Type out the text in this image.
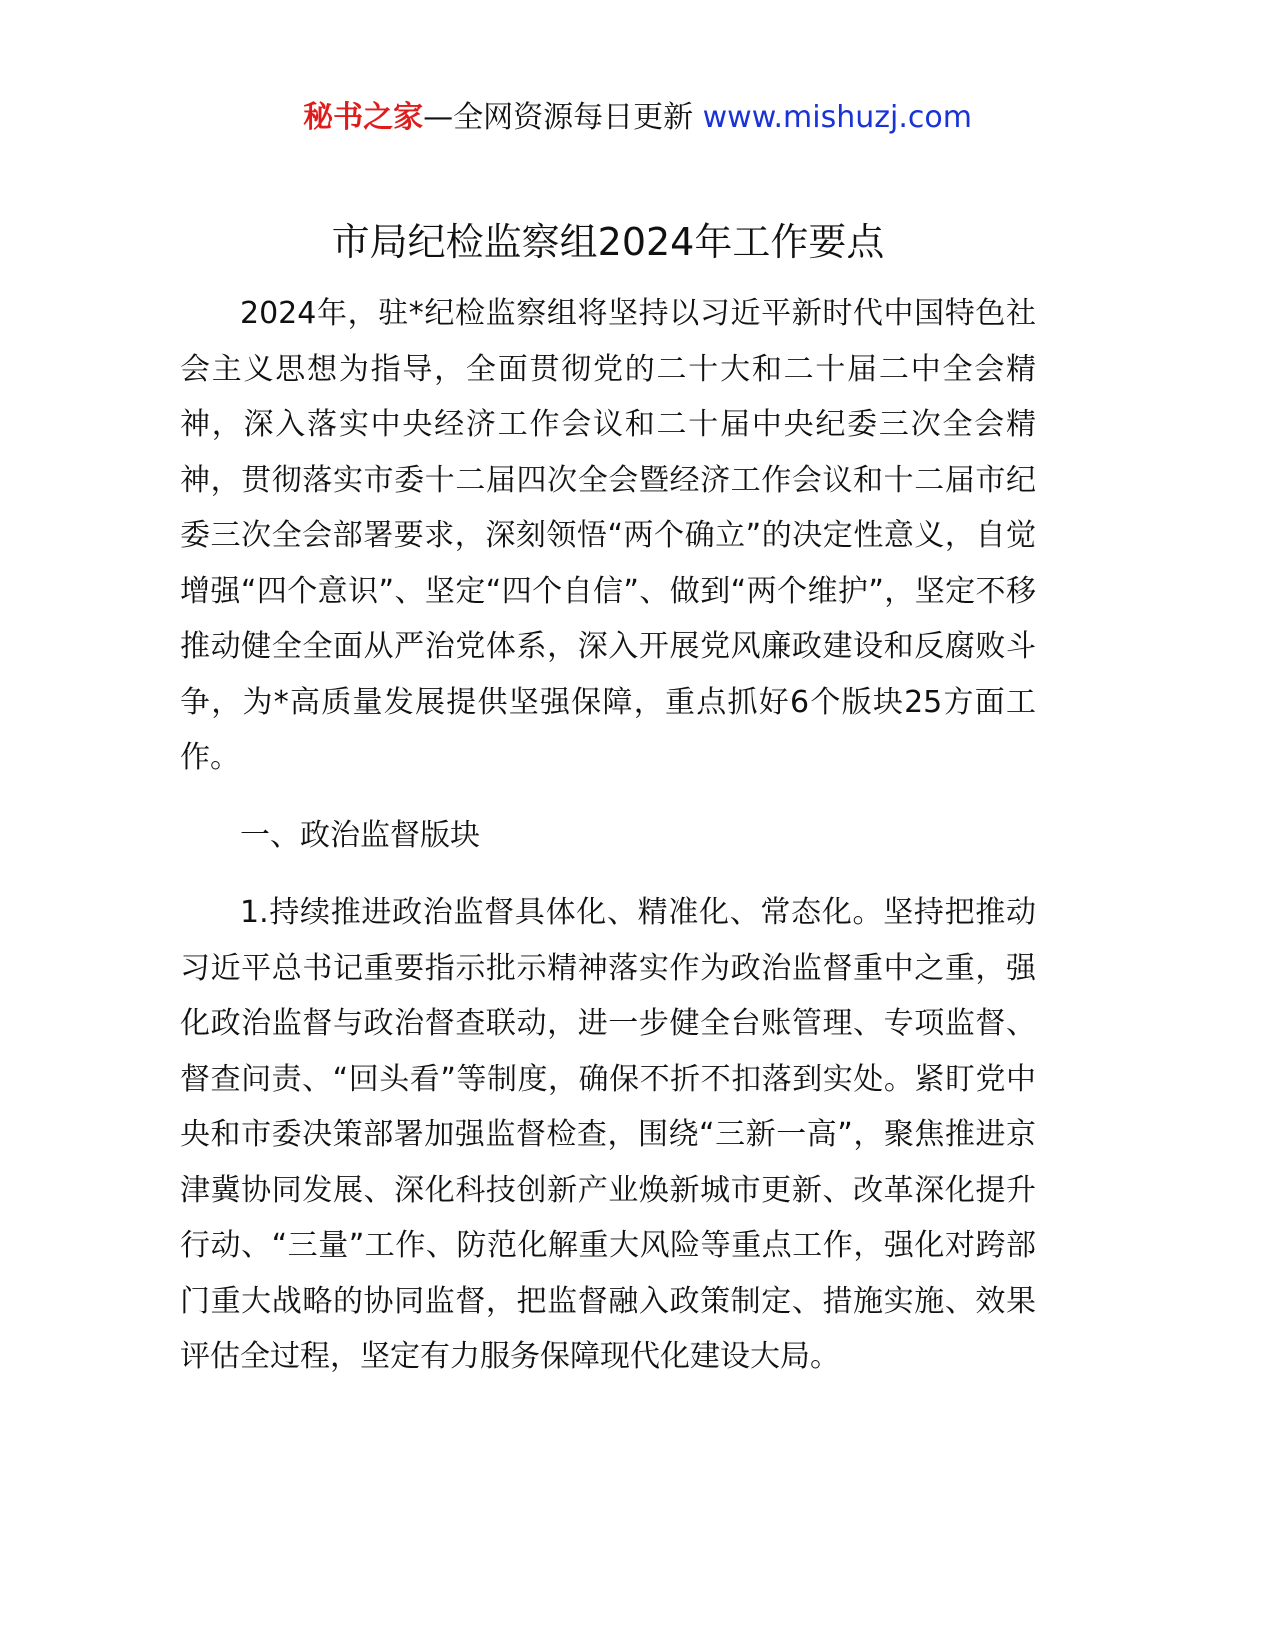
秘书之家—全网资源每日更新 www.mishuzj.com
市局纪检监察组2024年工作要点

2024年，驻*纪检监察组将坚持以习近平新时代中国特色社会主义思想为指导，全面贯彻党的二十大和二十届二中全会精神，深入落实中央经济工作会议和二十届中央纪委三次全会精神，贯彻落实市委十二届四次全会暨经济工作会议和十二届市纪委三次全会部署要求，深刻领悟“两个确立”的决定性意义，自觉增强“四个意识”、坚定“四个自信”、做到“两个维护”，坚定不移推动健全全面从严治党体系，深入开展党风廉政建设和反腐败斗争，为*高质量发展提供坚强保障，重点抓好6个版块25方面工作。

一、政治监督版块

1.持续推进政治监督具体化、精准化、常态化。坚持把推动习近平总书记重要指示批示精神落实作为政治监督重中之重，强化政治监督与政治督查联动，进一步健全台账管理、专项监督、督查问责、“回头看”等制度，确保不折不扣落到实处。紧盯党中央和市委决策部署加强监督检查，围绕“三新一高”，聚焦推进京津冀协同发展、深化科技创新产业焕新城市更新、改革深化提升行动、“三量”工作、防范化解重大风险等重点工作，强化对跨部门重大战略的协同监督，把监督融入政策制定、措施实施、效果评估全过程，坚定有力服务保障现代化建设大局。
